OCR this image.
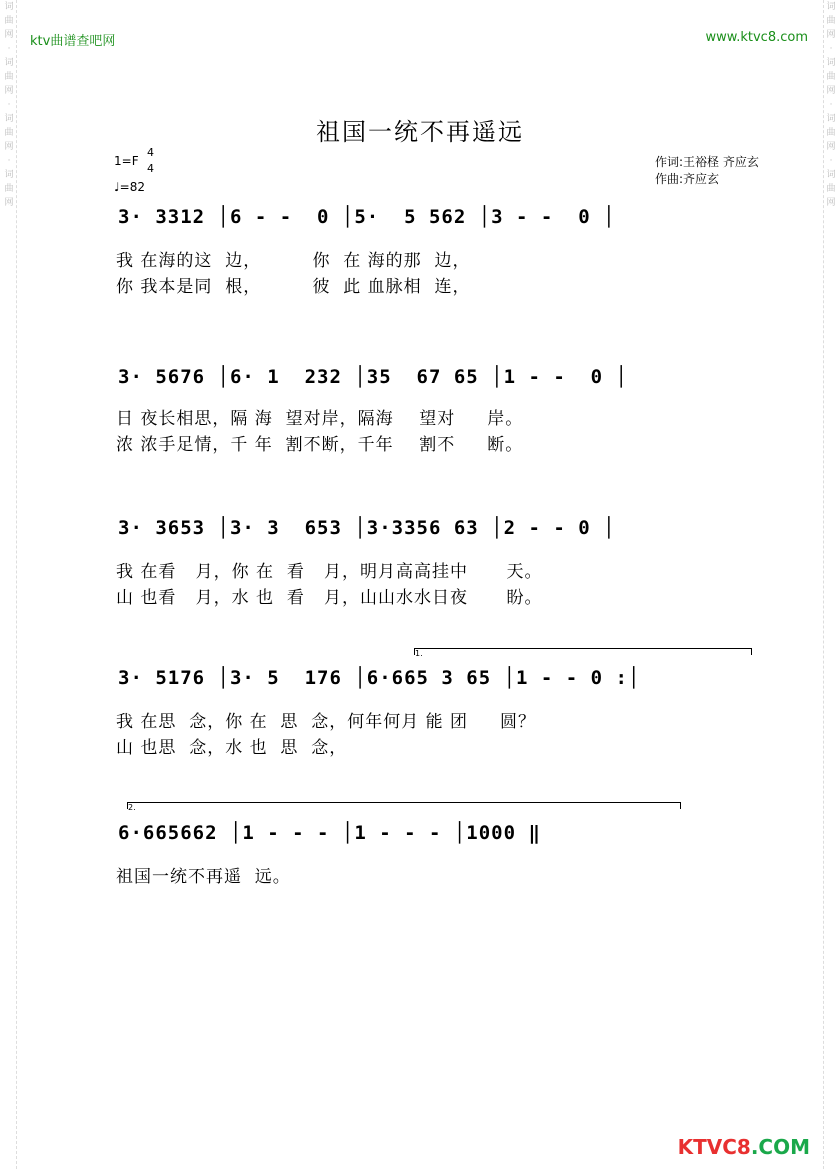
词
曲
网
·
词
曲
网
·
词
曲
网
·
词
曲
网
词
曲
网
·
词
曲
网
·
词
曲
网
·
词
曲
网
ktv曲谱查吧网	www.ktvc8.com
祖国一统不再遥远
1=F
4
4
♩=82
作词:王裕柽 齐应玄
作曲:齐应玄
3· 3312 │6 - -  0 │5·  5 562 │3 - -  0 │
我 在海的这  边，        你  在 海的那  边，
你 我本是同  根，        彼  此 血脉相  连，
3· 5676 │6· 1  232 │35  67 65 │1 - -  0 │
日 夜长相思，隔 海  望对岸，隔海    望对     岸。
浓 浓手足情，千 年  割不断，千年    割不     断。
3· 3653 │3· 3  653 │3·3356 63 │2 - - 0 │
我 在看   月，你 在  看   月，明月高高挂中      天。
山 也看   月，水 也  看   月，山山水水日夜      盼。
1.
3· 5176 │3· 5  176 │6·665 3 65 │1 - - 0 :│
我 在思  念，你 在  思  念，何年何月 能 团     圆？
山 也思  念，水 也  思  念，
2.
6·665662 │1 - - - │1 - - - │1000 ‖
祖国一统不再遥  远。
KTVC8.COM
